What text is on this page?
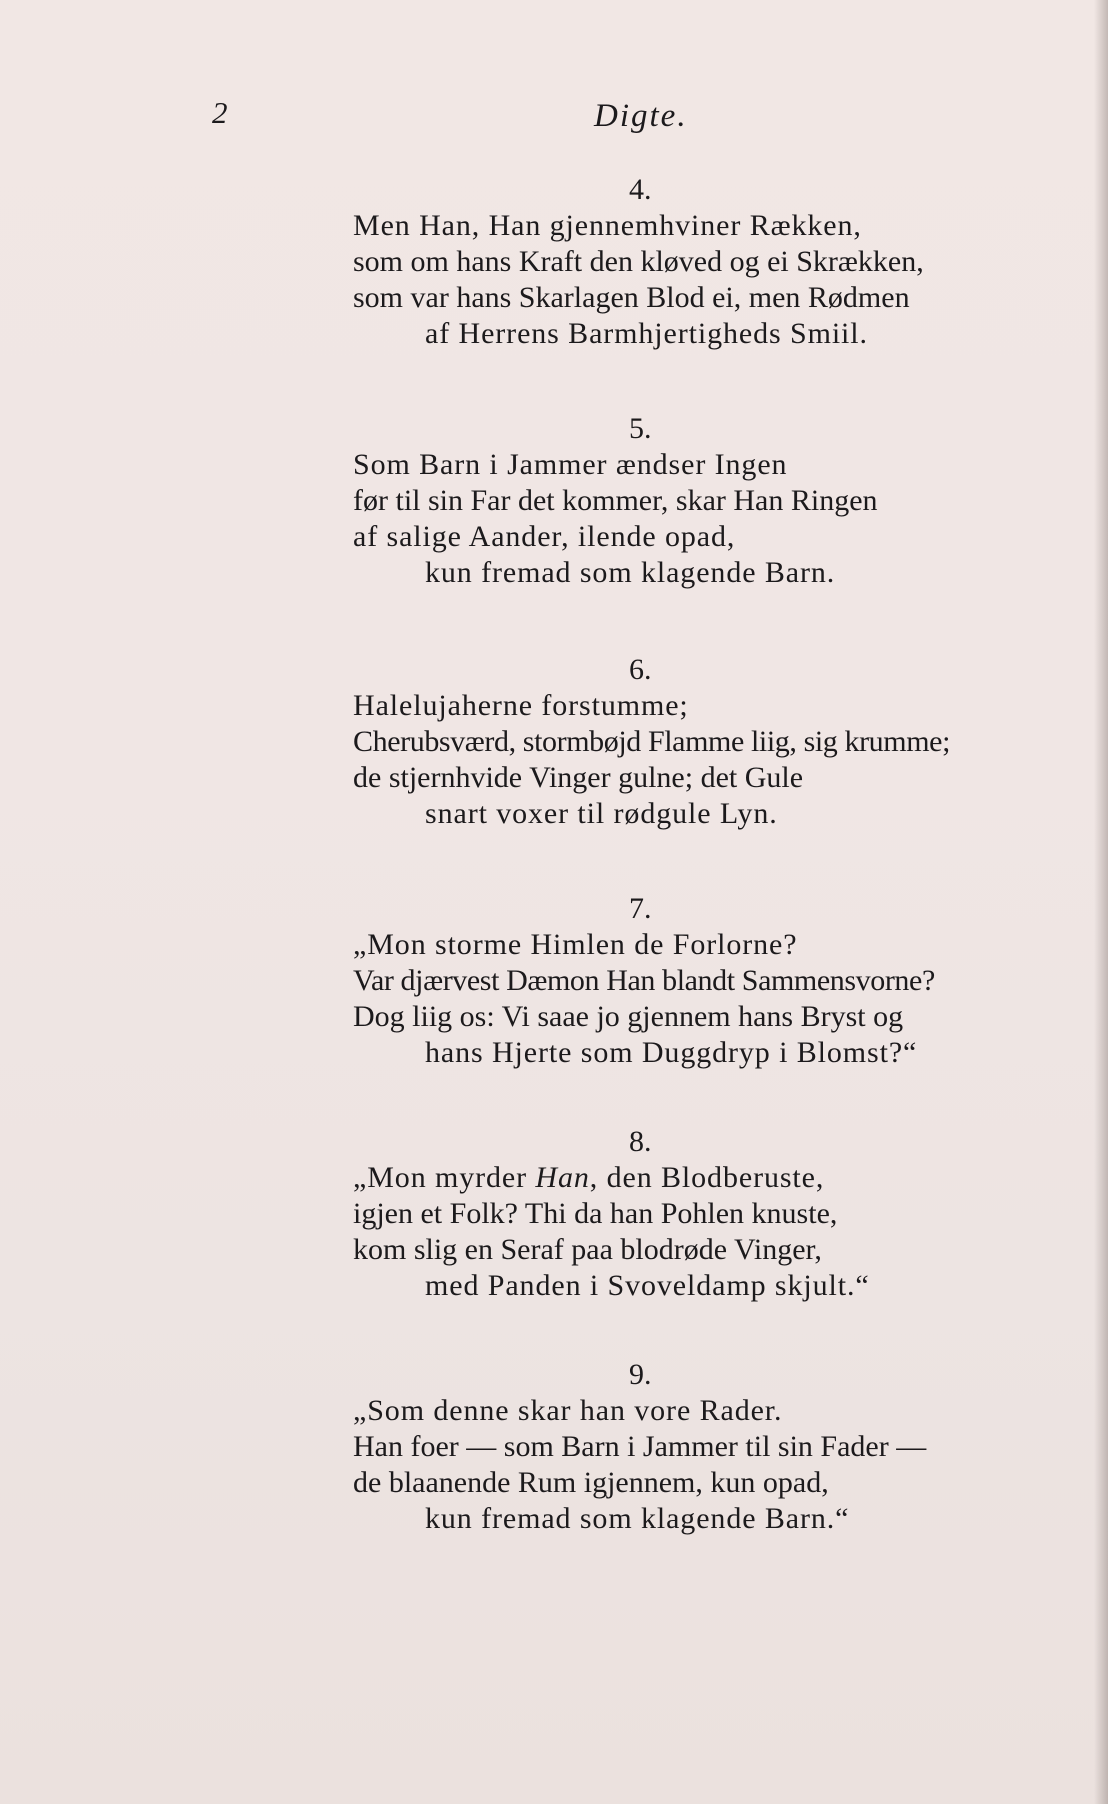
2	Digte.
4.
Men Han, Han gjennemhviner Rækken,
som om hans Kraft den kløved og ei Skrækken,
som var hans Skarlagen Blod ei, men Rødmen
af Herrens Barmhjertigheds Smiil.
5.
Som Barn i Jammer ændser Ingen
før til sin Far det kommer, skar Han Ringen
af salige Aander, ilende opad,
kun fremad som klagende Barn.
6.
Halelujaherne forstumme;
Cherubsværd, stormbøjd Flamme liig, sig krumme;
de stjernhvide Vinger gulne; det Gule
snart voxer til rødgule Lyn.
7.
„Mon storme Himlen de Forlorne?
Var djærvest Dæmon Han blandt Sammensvorne?
Dog liig os: Vi saae jo gjennem hans Bryst og
hans Hjerte som Duggdryp i Blomst?“
8.
„Mon myrder Han, den Blodberuste,
igjen et Folk? Thi da han Pohlen knuste,
kom slig en Seraf paa blodrøde Vinger,
med Panden i Svoveldamp skjult.“
9.
„Som denne skar han vore Rader.
Han foer — som Barn i Jammer til sin Fader —
de blaanende Rum igjennem, kun opad,
kun fremad som klagende Barn.“
